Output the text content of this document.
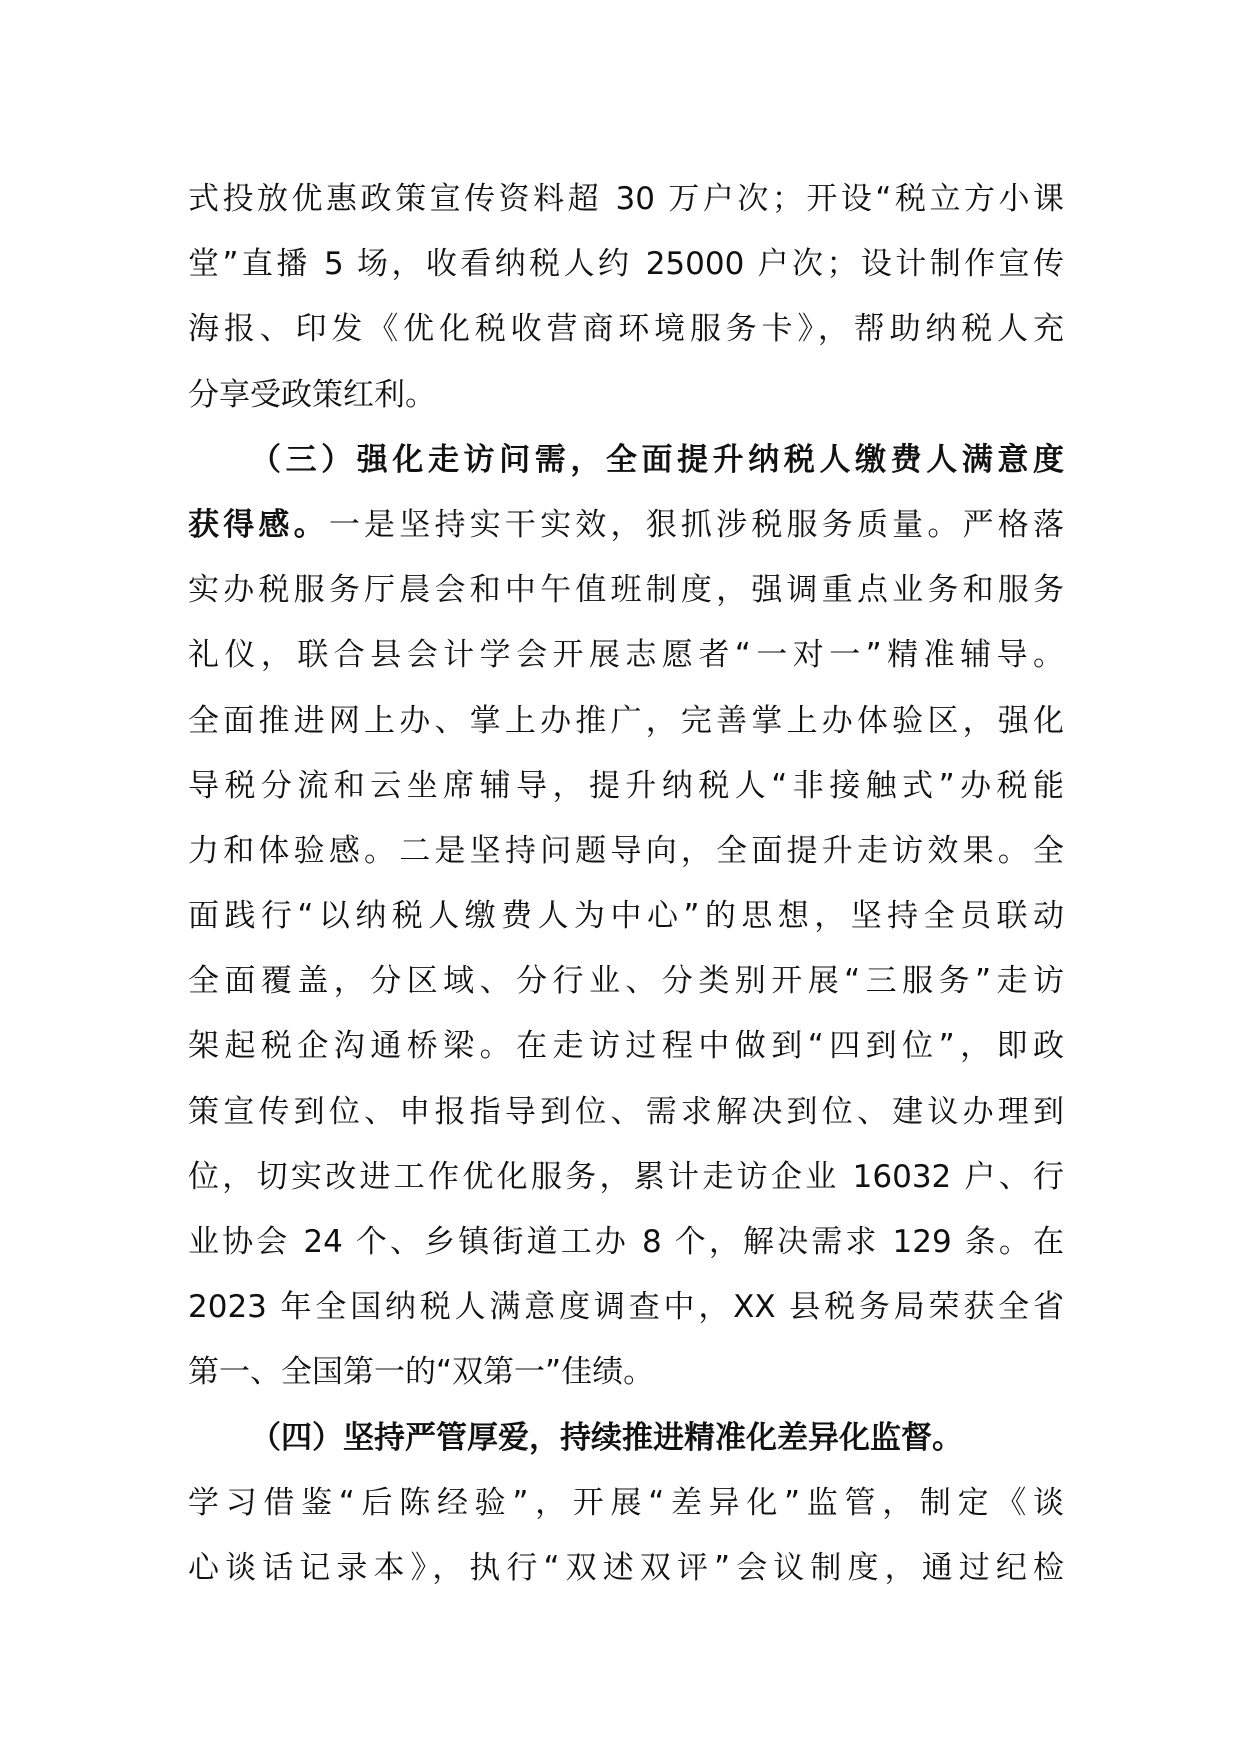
式投放优惠政策宣传资料超 30 万户次；开设“税立方小课
堂”直播 5 场，收看纳税人约 25000 户次；设计制作宣传
海报、印发《优化税收营商环境服务卡》，帮助纳税人充
分享受政策红利。
（三）强化走访问需，全面提升纳税人缴费人满意度
获得感。一是坚持实干实效，狠抓涉税服务质量。严格落
实办税服务厅晨会和中午值班制度，强调重点业务和服务
礼仪，联合县会计学会开展志愿者“一对一”精准辅导。
全面推进网上办、掌上办推广，完善掌上办体验区，强化
导税分流和云坐席辅导，提升纳税人“非接触式”办税能
力和体验感。二是坚持问题导向，全面提升走访效果。全
面践行“以纳税人缴费人为中心”的思想，坚持全员联动
全面覆盖，分区域、分行业、分类别开展“三服务”走访
架起税企沟通桥梁。在走访过程中做到“四到位”，即政
策宣传到位、申报指导到位、需求解决到位、建议办理到
位，切实改进工作优化服务，累计走访企业 16032 户、行
业协会 24 个、乡镇街道工办 8 个，解决需求 129 条。在
2023 年全国纳税人满意度调查中，XX 县税务局荣获全省
第一、全国第一的“双第一”佳绩。
（四）坚持严管厚爱，持续推进精准化差异化监督。
学习借鉴“后陈经验”，开展“差异化”监管，制定《谈
心谈话记录本》，执行“双述双评”会议制度，通过纪检
